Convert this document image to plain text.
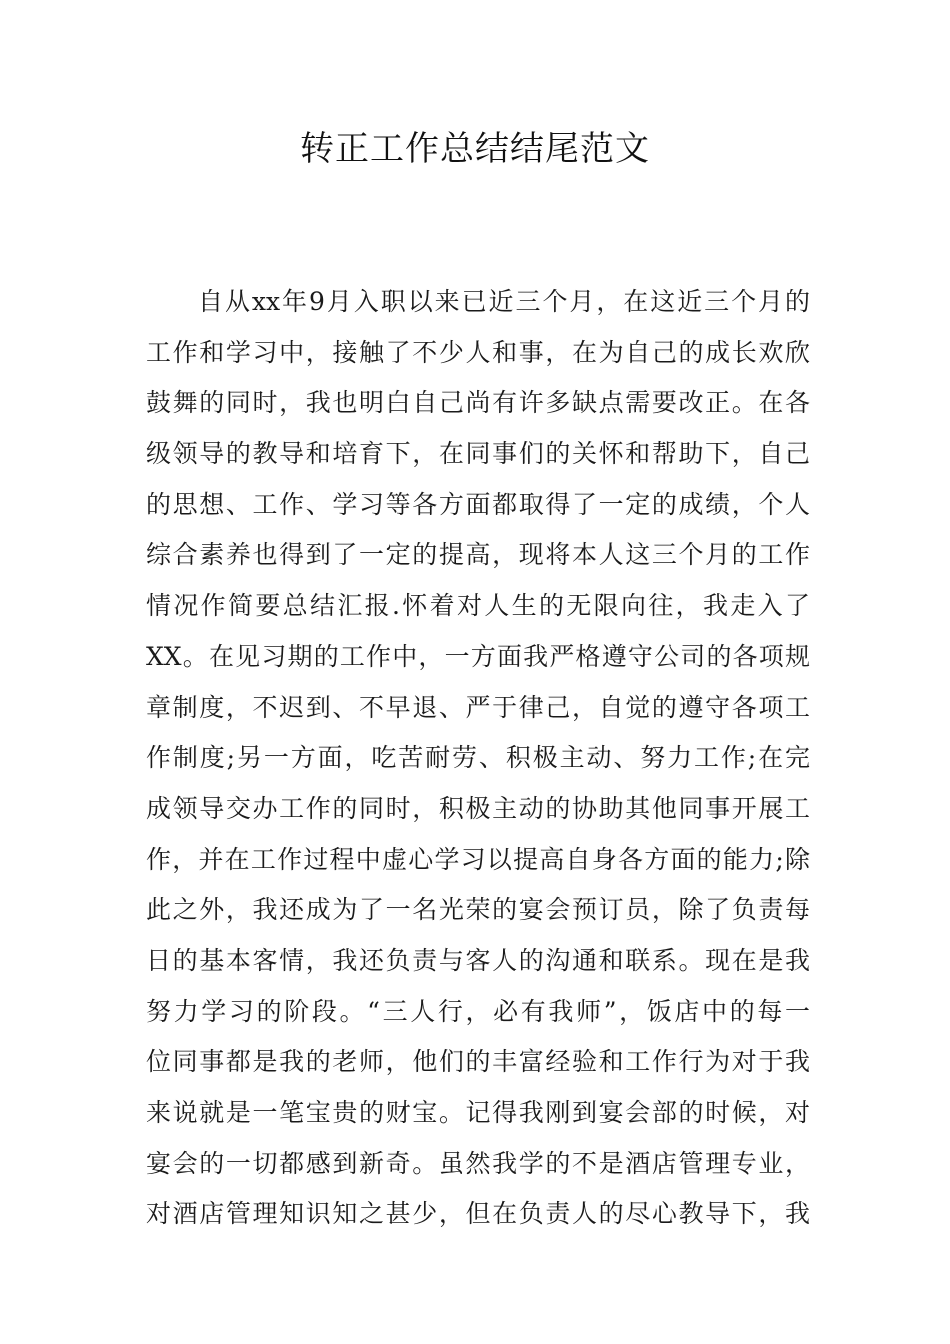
转正工作总结结尾范文
自从xx年9月入职以来已近三个月，在这近三个月的
工作和学习中，接触了不少人和事，在为自己的成长欢欣
鼓舞的同时，我也明白自己尚有许多缺点需要改正。在各
级领导的教导和培育下，在同事们的关怀和帮助下，自己
的思想、工作、学习等各方面都取得了一定的成绩，个人
综合素养也得到了一定的提高，现将本人这三个月的工作
情况作简要总结汇报.怀着对人生的无限向往，我走入了
XX。在见习期的工作中，一方面我严格遵守公司的各项规
章制度，不迟到、不早退、严于律己，自觉的遵守各项工
作制度;另一方面，吃苦耐劳、积极主动、努力工作;在完
成领导交办工作的同时，积极主动的协助其他同事开展工
作，并在工作过程中虚心学习以提高自身各方面的能力;除
此之外，我还成为了一名光荣的宴会预订员，除了负责每
日的基本客情，我还负责与客人的沟通和联系。现在是我
努力学习的阶段。“三人行，必有我师”，饭店中的每一
位同事都是我的老师，他们的丰富经验和工作行为对于我
来说就是一笔宝贵的财宝。记得我刚到宴会部的时候，对
宴会的一切都感到新奇。虽然我学的不是酒店管理专业，
对酒店管理知识知之甚少，但在负责人的尽心教导下，我
